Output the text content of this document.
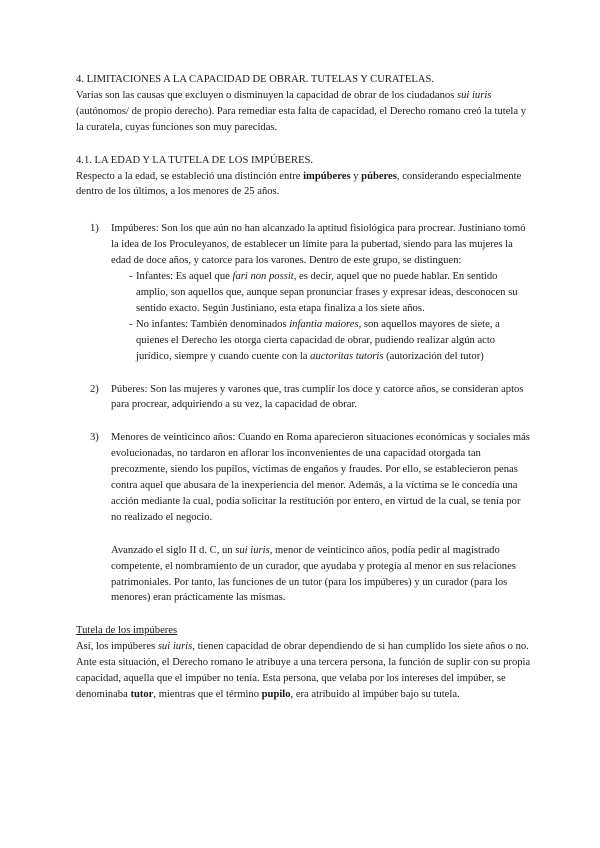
4. LIMITACIONES A LA CAPACIDAD DE OBRAR. TUTELAS Y CURATELAS.

Varias son las causas que excluyen o disminuyen la capacidad de obrar de los ciudadanos sui iuris (autónomos/ de propio derecho). Para remediar esta falta de capacidad, el Derecho romano creó la tutela y la curatela, cuyas funciones son muy parecidas.

4.1. LA EDAD Y LA TUTELA DE LOS IMPÚBERES.

Respecto a la edad, se estableció una distinción entre impúberes y púberes, considerando especialmente dentro de los últimos, a los menores de 25 años.

1) Impúberes: Son los que aún no han alcanzado la aptitud fisiológica para procrear. Justiniano tomó la idea de los Proculeyanos, de establecer un límite para la pubertad, siendo para las mujeres la edad de doce años, y catorce para los varones. Dentro de este grupo, se distinguen:

- Infantes: Es aquel que fari non possit, es decir, aquel que no puede hablar. En sentido amplio, son aquellos que, aunque sepan pronunciar frases y expresar ideas, desconocen su sentido exacto. Según Justiniano, esta etapa finaliza a los siete años.

- No infantes: También denominados infantia maiores, son aquellos mayores de siete, a quienes el Derecho les otorga cierta capacidad de obrar, pudiendo realizar algún acto jurídico, siempre y cuando cuente con la auctoritas tutoris (autorización del tutor)

2) Púberes: Son las mujeres y varones que, tras cumplir los doce y catorce años, se consideran aptos para procrear, adquiriendo a su vez, la capacidad de obrar.

3) Menores de veinticinco años: Cuando en Roma aparecieron situaciones económicas y sociales más evolucionadas, no tardaron en aflorar los inconvenientes de una capacidad otorgada tan precozmente, siendo los pupilos, víctimas de engaños y fraudes. Por ello, se establecieron penas contra aquel que abusara de la inexperiencia del menor. Además, a la víctima se le concedía una acción mediante la cual, podía solicitar la restitución por entero, en virtud de la cual, se tenía por no realizado el negocio.

Avanzado el siglo II d. C, un sui iuris, menor de veinticinco años, podía pedir al magistrado competente, el nombramiento de un curador, que ayudaba y protegía al menor en sus relaciones patrimoniales. Por tanto, las funciones de un tutor (para los impúberes) y un curador (para los menores) eran prácticamente las mismas.

Tutela de los impúberes

Así, los impúberes sui iuris, tienen capacidad de obrar dependiendo de si han cumplido los siete años o no. Ante esta situación, el Derecho romano le atribuye a una tercera persona, la función de suplir con su propia capacidad, aquella que el impúber no tenía. Esta persona, que velaba por los intereses del impúber, se denominaba tutor, mientras que el término pupilo, era atribuido al impúber bajo su tutela.
